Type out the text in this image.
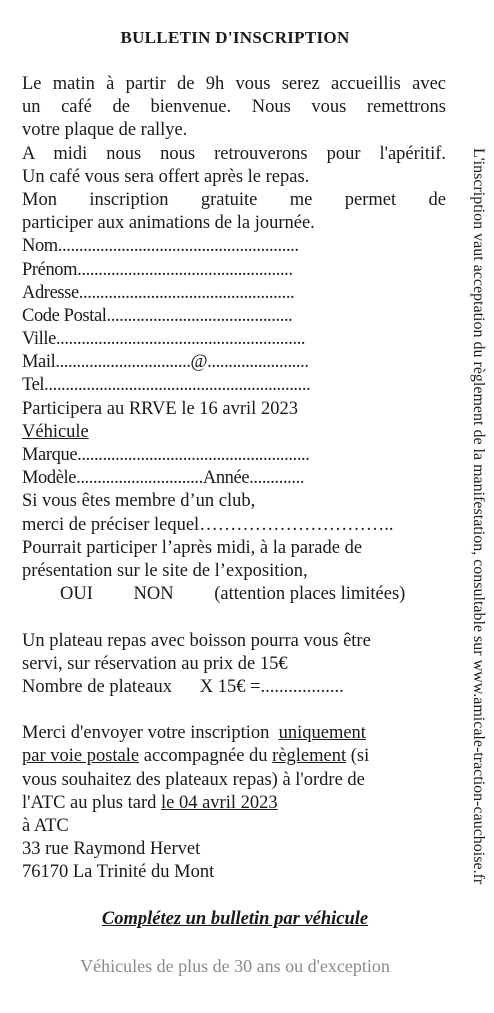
BULLETIN D'INSCRIPTION
Le matin à partir de 9h vous serez accueillis avec
un café de bienvenue. Nous vous remettrons
votre plaque de rallye.
A midi nous nous retrouverons pour l'apéritif.
Un café vous sera offert après le repas.
Mon inscription gratuite me permet de
participer aux animations de la journée.
Nom.........................................................
Prénom...................................................
Adresse...................................................
Code Postal............................................
Ville...........................................................
Mail................................@........................
Tel...............................................................
Participera au RRVE le 16 avril 2023
Véhicule
Marque.......................................................
Modèle..............................Année.............
Si vous êtes membre d’un club,
merci de préciser lequel…………………………..
Pourrait participer l’après midi, à la parade de
présentation sur le site de l’exposition,
OUI NON (attention places limitées)
Un plateau repas avec boisson pourra vous être
servi, sur réservation au prix de 15€
Nombre de plateaux      X 15€ =..................
Merci d'envoyer votre inscription  uniquement
par voie postale accompagnée du règlement (si
vous souhaitez des plateaux repas) à l'ordre de
l'ATC au plus tard le 04 avril 2023
à ATC
33 rue Raymond Hervet
76170 La Trinité du Mont
Complétez un bulletin par véhicule
Véhicules de plus de 30 ans ou d'exception
L'inscription vaut acceptation du règlement de la manifestation, consultable sur www.amicale-traction-cauchoise.fr
